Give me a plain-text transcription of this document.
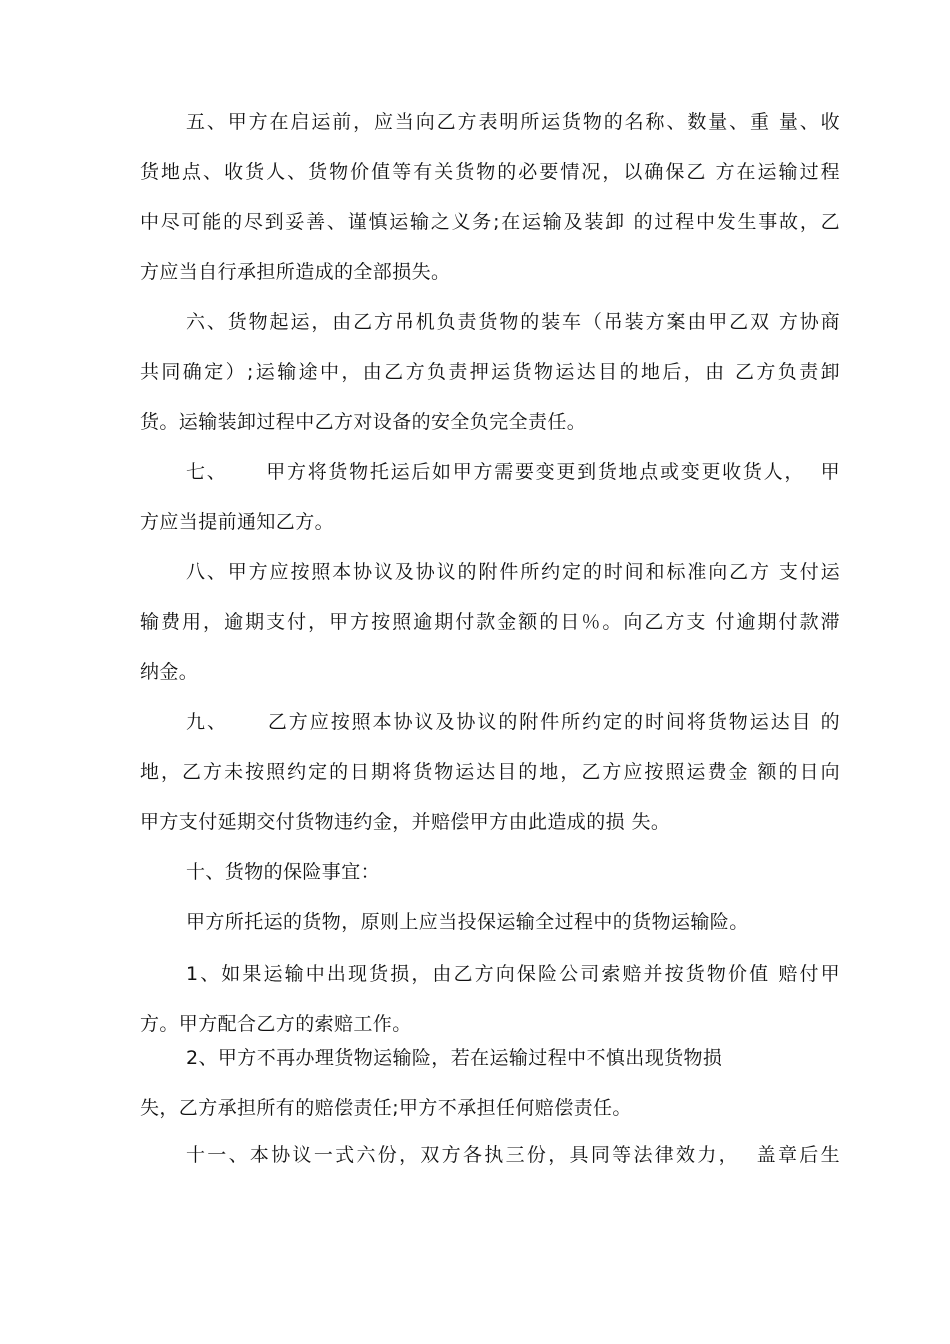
五、甲方在启运前，应当向乙方表明所运货物的名称、数量、重 量、收
货地点、收货人、货物价值等有关货物的必要情况，以确保乙 方在运输过程
中尽可能的尽到妥善、谨慎运输之义务;在运输及装卸 的过程中发生事故，乙
方应当自行承担所造成的全部损失。
六、货物起运，由乙方吊机负责货物的装车（吊装方案由甲乙双 方协商
共同确定）;运输途中，由乙方负责押运货物运达目的地后，由 乙方负责卸
货。运输装卸过程中乙方对设备的安全负完全责任。
七、     甲方将货物托运后如甲方需要变更到货地点或变更收货人，  甲
方应当提前通知乙方。
八、甲方应按照本协议及协议的附件所约定的时间和标准向乙方 支付运
输费用，逾期支付，甲方按照逾期付款金额的日％。向乙方支 付逾期付款滞
纳金。
九、     乙方应按照本协议及协议的附件所约定的时间将货物运达目 的
地，乙方未按照约定的日期将货物运达目的地，乙方应按照运费金 额的日向
甲方支付延期交付货物违约金，并赔偿甲方由此造成的损 失。
十、货物的保险事宜：
甲方所托运的货物，原则上应当投保运输全过程中的货物运输险。
1、如果运输中出现货损，由乙方向保险公司索赔并按货物价值 赔付甲
方。甲方配合乙方的索赔工作。
2、甲方不再办理货物运输险，若在运输过程中不慎出现货物损
失，乙方承担所有的赔偿责任;甲方不承担任何赔偿责任。
十一、本协议一式六份，双方各执三份，具同等法律效力，  盖章后生
